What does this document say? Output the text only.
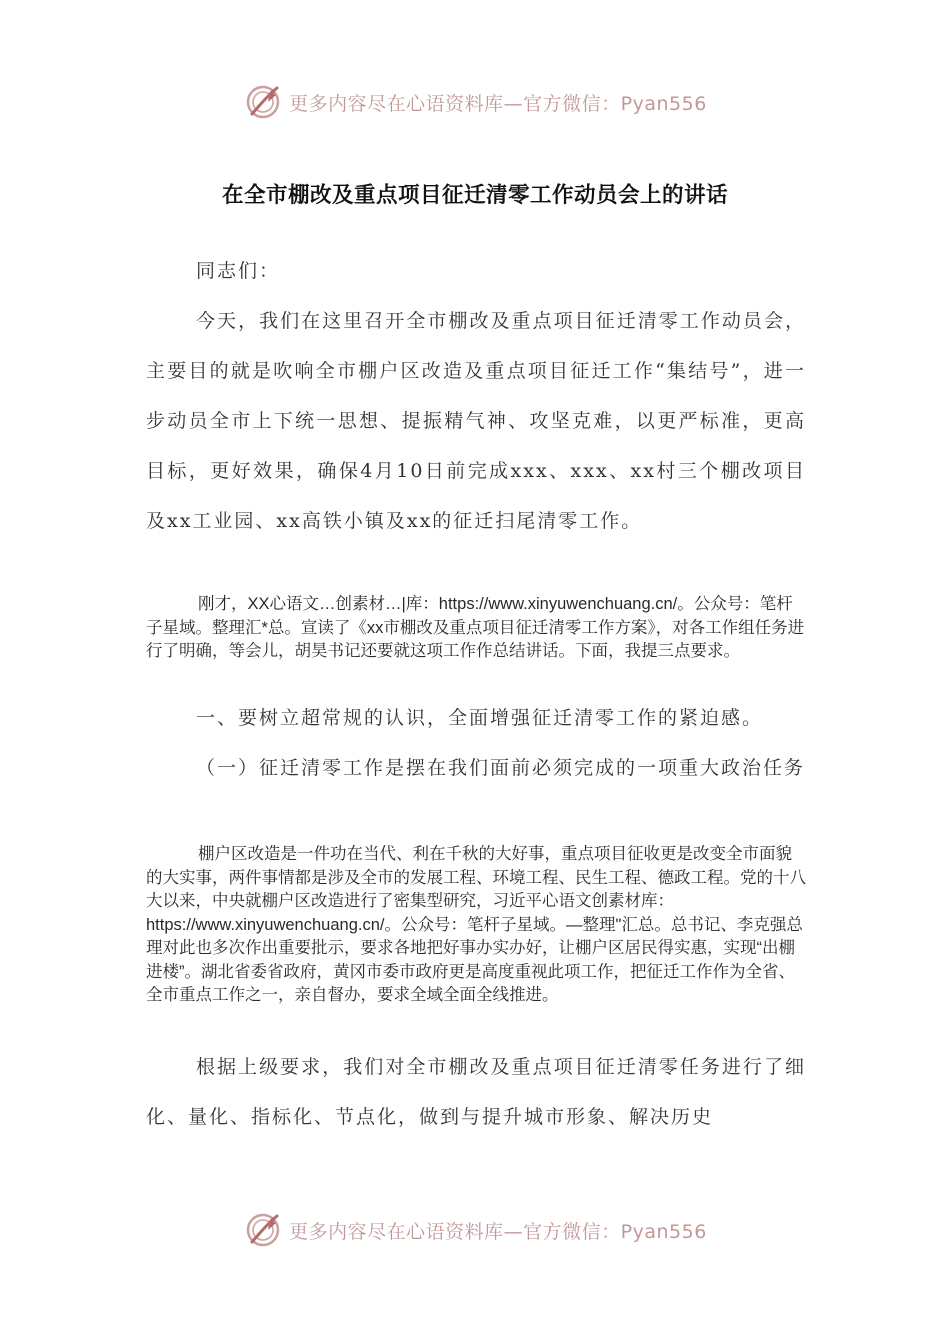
更多内容尽在心语资料库—官方微信：Pyan556
在全市棚改及重点项目征迁清零工作动员会上的讲话
同志们：
今天，我们在这里召开全市棚改及重点项目征迁清零工作动员会，主要目的就是吹响全市棚户区改造及重点项目征迁工作“集结号”，进一步动员全市上下统一思想、提振精气神、攻坚克难，以更严标准，更高目标，更好效果，确保4月10日前完成xxx、xxx、xx村三个棚改项目及xx工业园、xx高铁小镇及xx的征迁扫尾清零工作。
刚才，XX心语文…创素材…|库：https://www.xinyuwenchuang.cn/。公众号：笔杆子星域。整理汇*总。宣读了《xx市棚改及重点项目征迁清零工作方案》，对各工作组任务进行了明确，等会儿，胡昊书记还要就这项工作作总结讲话。下面，我提三点要求。
一、要树立超常规的认识，全面增强征迁清零工作的紧迫感。
（一）征迁清零工作是摆在我们面前必须完成的一项重大政治任务
棚户区改造是一件功在当代、利在千秋的大好事，重点项目征收更是改变全市面貌的大实事，两件事情都是涉及全市的发展工程、环境工程、民生工程、德政工程。党的十八大以来，中央就棚户区改造进行了密集型研究，习近平心语文创素材库：https://www.xinyuwenchuang.cn/。公众号：笔杆子星域。—整理"汇总。总书记、李克强总理对此也多次作出重要批示，要求各地把好事办实办好，让棚户区居民得实惠，实现“出棚进楼”。湖北省委省政府，黄冈市委市政府更是高度重视此项工作，把征迁工作作为全省、全市重点工作之一，亲自督办，要求全域全面全线推进。
根据上级要求，我们对全市棚改及重点项目征迁清零任务进行了细化、量化、指标化、节点化，做到与提升城市形象、解决历史
更多内容尽在心语资料库—官方微信：Pyan556
